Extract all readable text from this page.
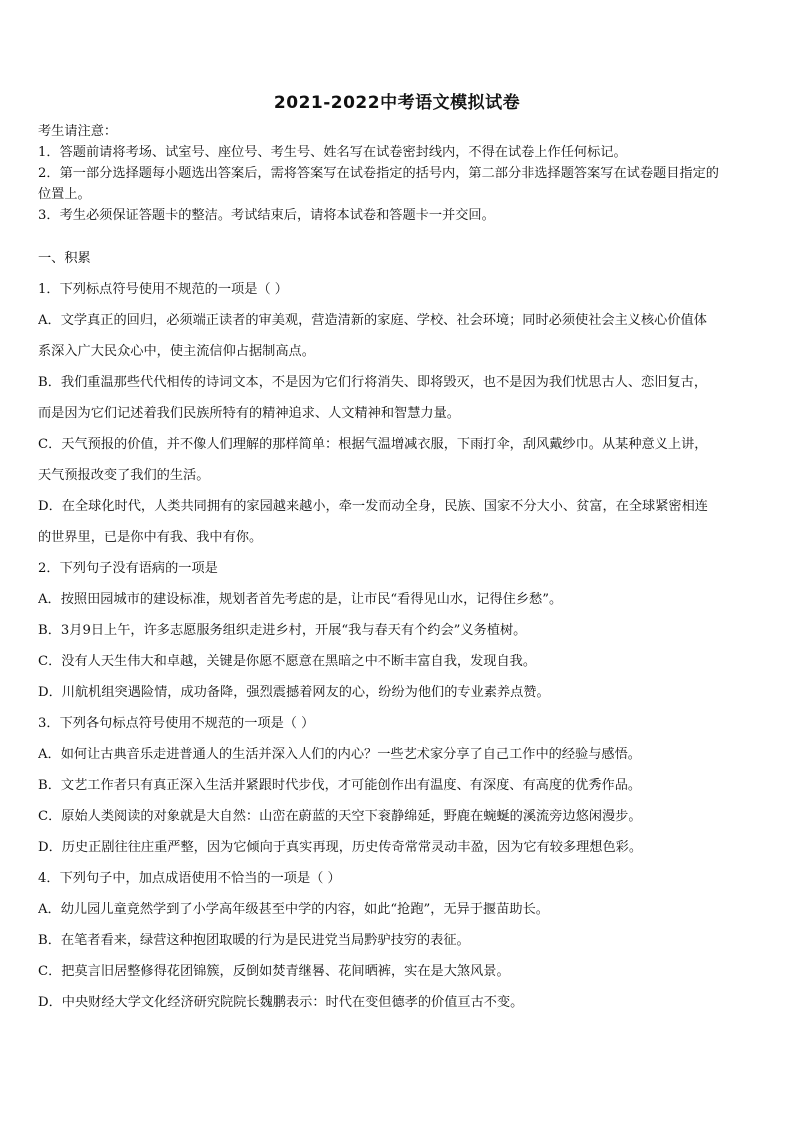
2021-2022中考语文模拟试卷
考生请注意：
1．答题前请将考场、试室号、座位号、考生号、姓名写在试卷密封线内，不得在试卷上作任何标记。
2．第一部分选择题每小题选出答案后，需将答案写在试卷指定的括号内，第二部分非选择题答案写在试卷题目指定的
位置上。
3．考生必须保证答题卡的整洁。考试结束后，请将本试卷和答题卡一并交回。
一、积累
1．下列标点符号使用不规范的一项是（ ）
A．文学真正的回归，必须端正读者的审美观，营造清新的家庭、学校、社会环境；同时必须使社会主义核心价值体
系深入广大民众心中，使主流信仰占据制高点。
B．我们重温那些代代相传的诗词文本，不是因为它们行将消失、即将毁灭，也不是因为我们忧思古人、恋旧复古，
而是因为它们记述着我们民族所特有的精神追求、人文精神和智慧力量。
C．天气预报的价值，并不像人们理解的那样简单：根据气温增减衣服，下雨打伞，刮风戴纱巾。从某种意义上讲，
天气预报改变了我们的生活。
D．在全球化时代，人类共同拥有的家园越来越小，牵一发而动全身，民族、国家不分大小、贫富，在全球紧密相连
的世界里，已是你中有我、我中有你。
2．下列句子没有语病的一项是
A．按照田园城市的建设标准，规划者首先考虑的是，让市民“看得见山水，记得住乡愁”。
B．3月9日上午，许多志愿服务组织走进乡村，开展“我与春天有个约会”义务植树。
C．没有人天生伟大和卓越，关键是你愿不愿意在黑暗之中不断丰富自我，发现自我。
D．川航机组突遇险情，成功备降，强烈震撼着网友的心，纷纷为他们的专业素养点赞。
3．下列各句标点符号使用不规范的一项是（ ）
A．如何让古典音乐走进普通人的生活并深入人们的内心？一些艺术家分享了自己工作中的经验与感悟。
B．文艺工作者只有真正深入生活并紧跟时代步伐，才可能创作出有温度、有深度、有高度的优秀作品。
C．原始人类阅读的对象就是大自然：山峦在蔚蓝的天空下衮静绵延，野鹿在蜿蜒的溪流旁边悠闲漫步。
D．历史正剧往往庄重严整，因为它倾向于真实再现，历史传奇常常灵动丰盈，因为它有较多理想色彩。
4．下列句子中，加点成语使用不恰当的一项是（ ）
A．幼儿园儿童竟然学到了小学高年级甚至中学的内容，如此“抢跑”，无异于揠苗助长。
B．在笔者看来，绿营这种抱团取暖的行为是民进党当局黔驴技穷的表征。
C．把莫言旧居整修得花团锦簇，反倒如焚青继晷、花间晒裤，实在是大煞风景。
D．中央财经大学文化经济研究院院长魏鹏表示：时代在变但德孝的价值亘古不变。
